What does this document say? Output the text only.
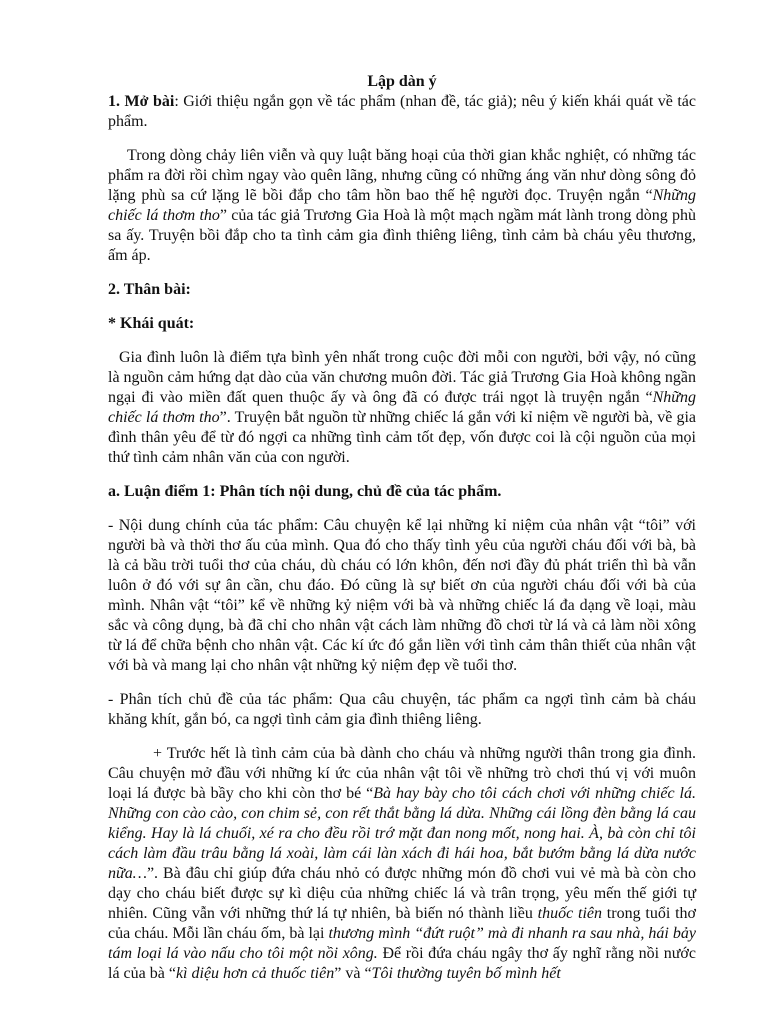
Lập dàn ý

1. Mở bài: Giới thiệu ngắn gọn về tác phẩm (nhan đề, tác giả); nêu ý kiến khái quát về tác phẩm.

Trong dòng chảy liên viễn và quy luật băng hoại của thời gian khắc nghiệt, có những tác phẩm ra đời rồi chìm ngay vào quên lãng, nhưng cũng có những áng văn như dòng sông đỏ lặng phù sa cứ lặng lẽ bồi đắp cho tâm hồn bao thế hệ người đọc. Truyện ngắn “Những chiếc lá thơm tho” của tác giả Trương Gia Hoà là một mạch ngầm mát lành trong dòng phù sa ấy. Truyện bồi đắp cho ta tình cảm gia đình thiêng liêng, tình cảm bà cháu yêu thương, ấm áp.

2. Thân bài:

* Khái quát:

Gia đình luôn là điểm tựa bình yên nhất trong cuộc đời mỗi con người, bởi vậy, nó cũng là nguồn cảm hứng dạt dào của văn chương muôn đời. Tác giả Trương Gia Hoà không ngần ngại đi vào miền đất quen thuộc ấy và ông đã có được trái ngọt là truyện ngắn “Những chiếc lá thơm tho”. Truyện bắt nguồn từ những chiếc lá gắn với kỉ niệm về người bà, về gia đình thân yêu để từ đó ngợi ca những tình cảm tốt đẹp, vốn được coi là cội nguồn của mọi thứ tình cảm nhân văn của con người.

a. Luận điểm 1: Phân tích nội dung, chủ đề của tác phẩm.

- Nội dung chính của tác phẩm: Câu chuyện kể lại những kỉ niệm của nhân vật “tôi” với người bà và thời thơ ấu của mình. Qua đó cho thấy tình yêu của người cháu đối với bà, bà là cả bầu trời tuổi thơ của cháu, dù cháu có lớn khôn, đến nơi đầy đủ phát triển thì bà vẫn luôn ở đó với sự ân cần, chu đáo. Đó cũng là sự biết ơn của người cháu đối với bà của mình. Nhân vật “tôi” kể về những kỷ niệm với bà và những chiếc lá đa dạng về loại, màu sắc và công dụng, bà đã chỉ cho nhân vật cách làm những đồ chơi từ lá và cả làm nồi xông từ lá để chữa bệnh cho nhân vật. Các kí ức đó gắn liền với tình cảm thân thiết của nhân vật với bà và mang lại cho nhân vật những kỷ niệm đẹp về tuổi thơ.

- Phân tích chủ đề của tác phẩm: Qua câu chuyện, tác phẩm ca ngợi tình cảm bà cháu khăng khít, gắn bó, ca ngợi tình cảm gia đình thiêng liêng.

+ Trước hết là tình cảm của bà dành cho cháu và những người thân trong gia đình. Câu chuyện mở đầu với những kí ức của nhân vật tôi về những trò chơi thú vị với muôn loại lá được bà bầy cho khi còn thơ bé “Bà hay bày cho tôi cách chơi với những chiếc lá. Những con cào cào, con chim sẻ, con rết thắt bằng lá dừa. Những cái lồng đèn bằng lá cau kiểng. Hay là lá chuối, xé ra cho đều rồi trớ mặt đan nong mốt, nong hai. À, bà còn chỉ tôi cách làm đầu trâu bằng lá xoài, làm cái làn xách đi hái hoa, bắt bướm bằng lá dừa nước nữa…”. Bà đâu chỉ giúp đứa cháu nhỏ có được những món đồ chơi vui vẻ mà bà còn cho dạy cho cháu biết được sự kì diệu của những chiếc lá và trân trọng, yêu mến thế giới tự nhiên. Cũng vẫn với những thứ lá tự nhiên, bà biến nó thành liều thuốc tiên trong tuổi thơ của cháu. Mỗi lần cháu ốm, bà lại thương mình “đứt ruột” mà đi nhanh ra sau nhà, hái bảy tám loại lá vào nấu cho tôi một nồi xông. Để rồi đứa cháu ngây thơ ấy nghĩ rằng nồi nước lá của bà “kì diệu hơn cả thuốc tiên” và “Tôi thường tuyên bố mình hết
